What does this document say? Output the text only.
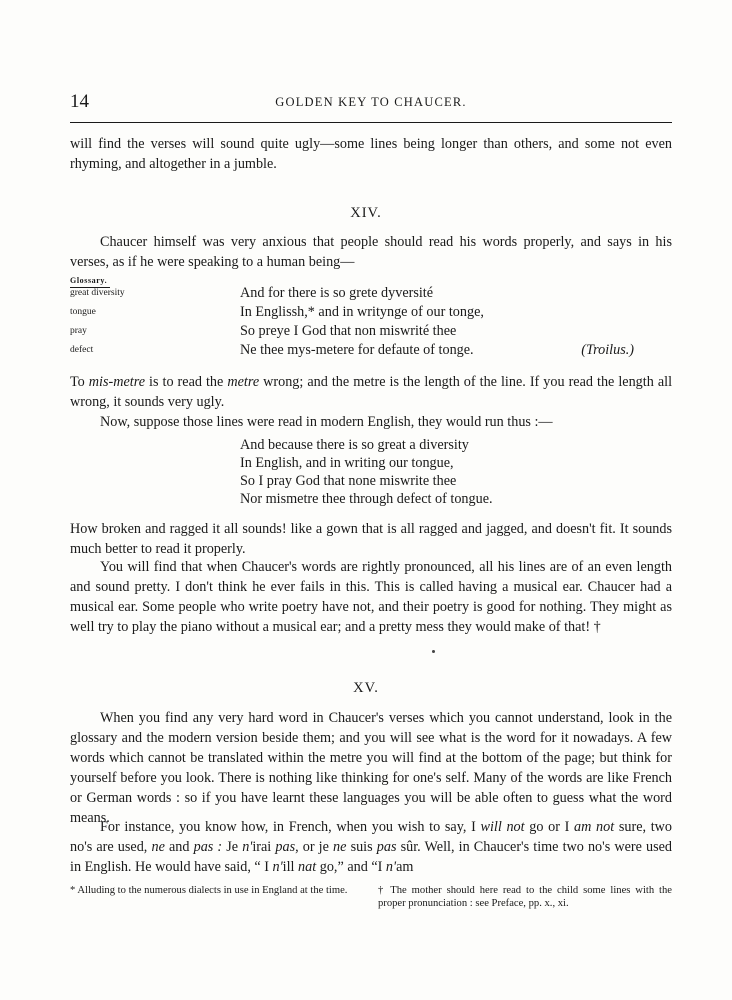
14	GOLDEN KEY TO CHAUCER.

will find the verses will sound quite ugly—some lines being longer than others, and some not even rhyming, and altogether in a jumble.

XIV.

Chaucer himself was very anxious that people should read his words properly, and says in his verses, as if he were speaking to a human being—

Glossary.
great diversity	And for there is so grete dyversité
tongue	In Englissh,* and in writynge of our tonge,
pray	So preye I God that non miswrité thee
defect	Ne thee mys-metere for defaute of tonge.	(Troilus.)

To mis-metre is to read the metre wrong; and the metre is the length of the line. If you read the length all wrong, it sounds very ugly.

Now, suppose those lines were read in modern English, they would run thus :—

And because there is so great a diversity
In English, and in writing our tongue,
So I pray God that none miswrite thee
Nor mismetre thee through defect of tongue.

How broken and ragged it all sounds! like a gown that is all ragged and jagged, and doesn't fit. It sounds much better to read it properly.

You will find that when Chaucer's words are rightly pronounced, all his lines are of an even length and sound pretty. I don't think he ever fails in this. This is called having a musical ear. Chaucer had a musical ear. Some people who write poetry have not, and their poetry is good for nothing. They might as well try to play the piano without a musical ear; and a pretty mess they would make of that! †

XV.

When you find any very hard word in Chaucer's verses which you cannot understand, look in the glossary and the modern version beside them; and you will see what is the word for it nowadays. A few words which cannot be translated within the metre you will find at the bottom of the page; but think for yourself before you look. There is nothing like thinking for one's self. Many of the words are like French or German words : so if you have learnt these languages you will be able often to guess what the word means.

For instance, you know how, in French, when you wish to say, I will not go or I am not sure, two no's are used, ne and pas : Je n'irai pas, or je ne suis pas sûr. Well, in Chaucer's time two no's were used in English. He would have said, “ I n'ill nat go,” and “I n'am

* Alluding to the numerous dialects in use in England at the time.	† The mother should here read to the child some lines with the proper pronunciation : see Preface, pp. x., xi.
